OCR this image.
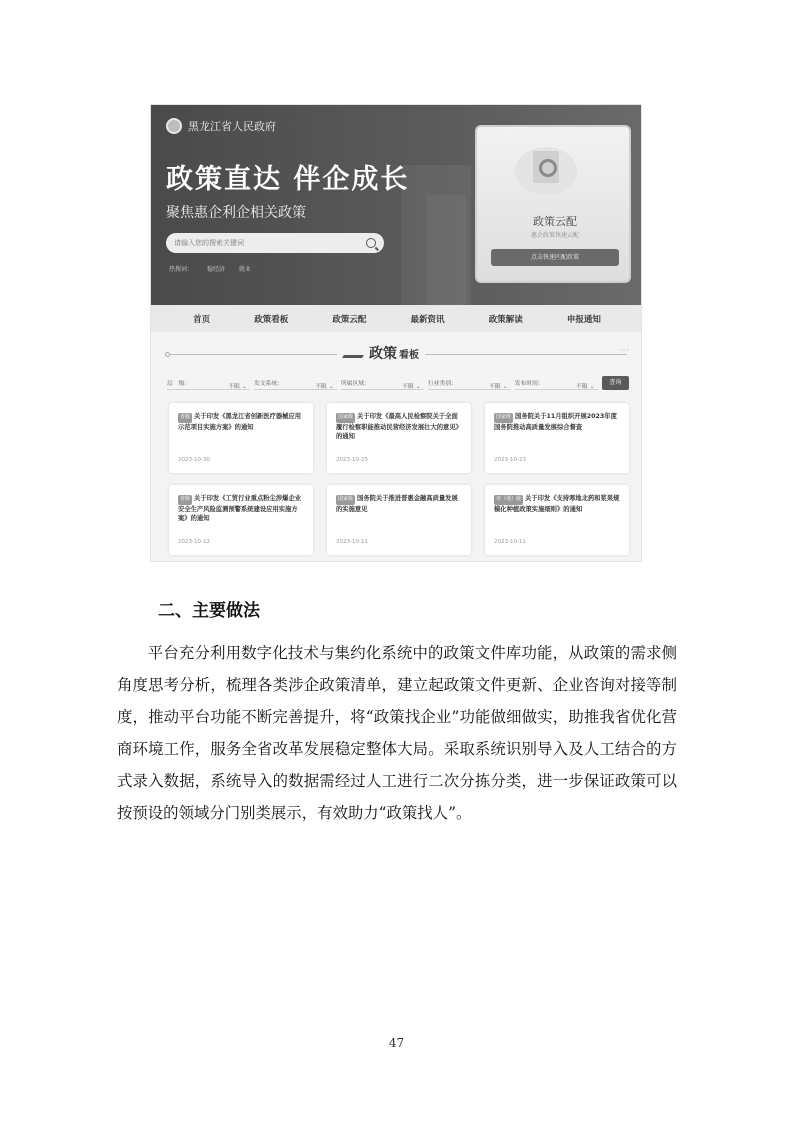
黑龙江省人民政府
政策直达 伴企成长
聚焦惠企利企相关政策
请输入您的搜索关键词
热搜词： 稳经济 就业
政策云配
惠企政策快速云配
点击快速匹配政策
首页	政策看板	政策云配	最新资讯	政策解读	申报通知
政策 看板	◦◦◦
层　级：	不限 ⌄ 发文系统：	不限 ⌄ 所属区域：	不限 ⌄ 行业类别：	不限 ⌄ 发布时间：	不限 ⌄
查询
省级 关于印发《黑龙江省创新医疗器械应用示范项目实施方案》的通知
2023-10-30
国家级 关于印发《最高人民检察院关于全面履行检察职能推动民营经济发展壮大的意见》的通知
2023-10-25
国家级 国务院关于11月组织开展2023年度国务院推动高质量发展综合督查
2023-10-23
省级 关于印发《工贸行业重点粉尘涉爆企业安全生产风险监测预警系统建设应用实施方案》的通知
2023-10-12
国家级 国务院关于推进普惠金融高质量发展的实施意见
2023-10-11
市（地）级 关于印发《支持寒地北药和浆果规模化种植政策实施细则》的通知
2023-10-11
二、主要做法
平台充分利用数字化技术与集约化系统中的政策文件库功能，从政策的需求侧角度思考分析，梳理各类涉企政策清单，建立起政策文件更新、企业咨询对接等制度，推动平台功能不断完善提升，将“政策找企业”功能做细做实，助推我省优化营商环境工作，服务全省改革发展稳定整体大局。采取系统识别导入及人工结合的方式录入数据，系统导入的数据需经过人工进行二次分拣分类，进一步保证政策可以按预设的领域分门别类展示，有效助力“政策找人”。
47
